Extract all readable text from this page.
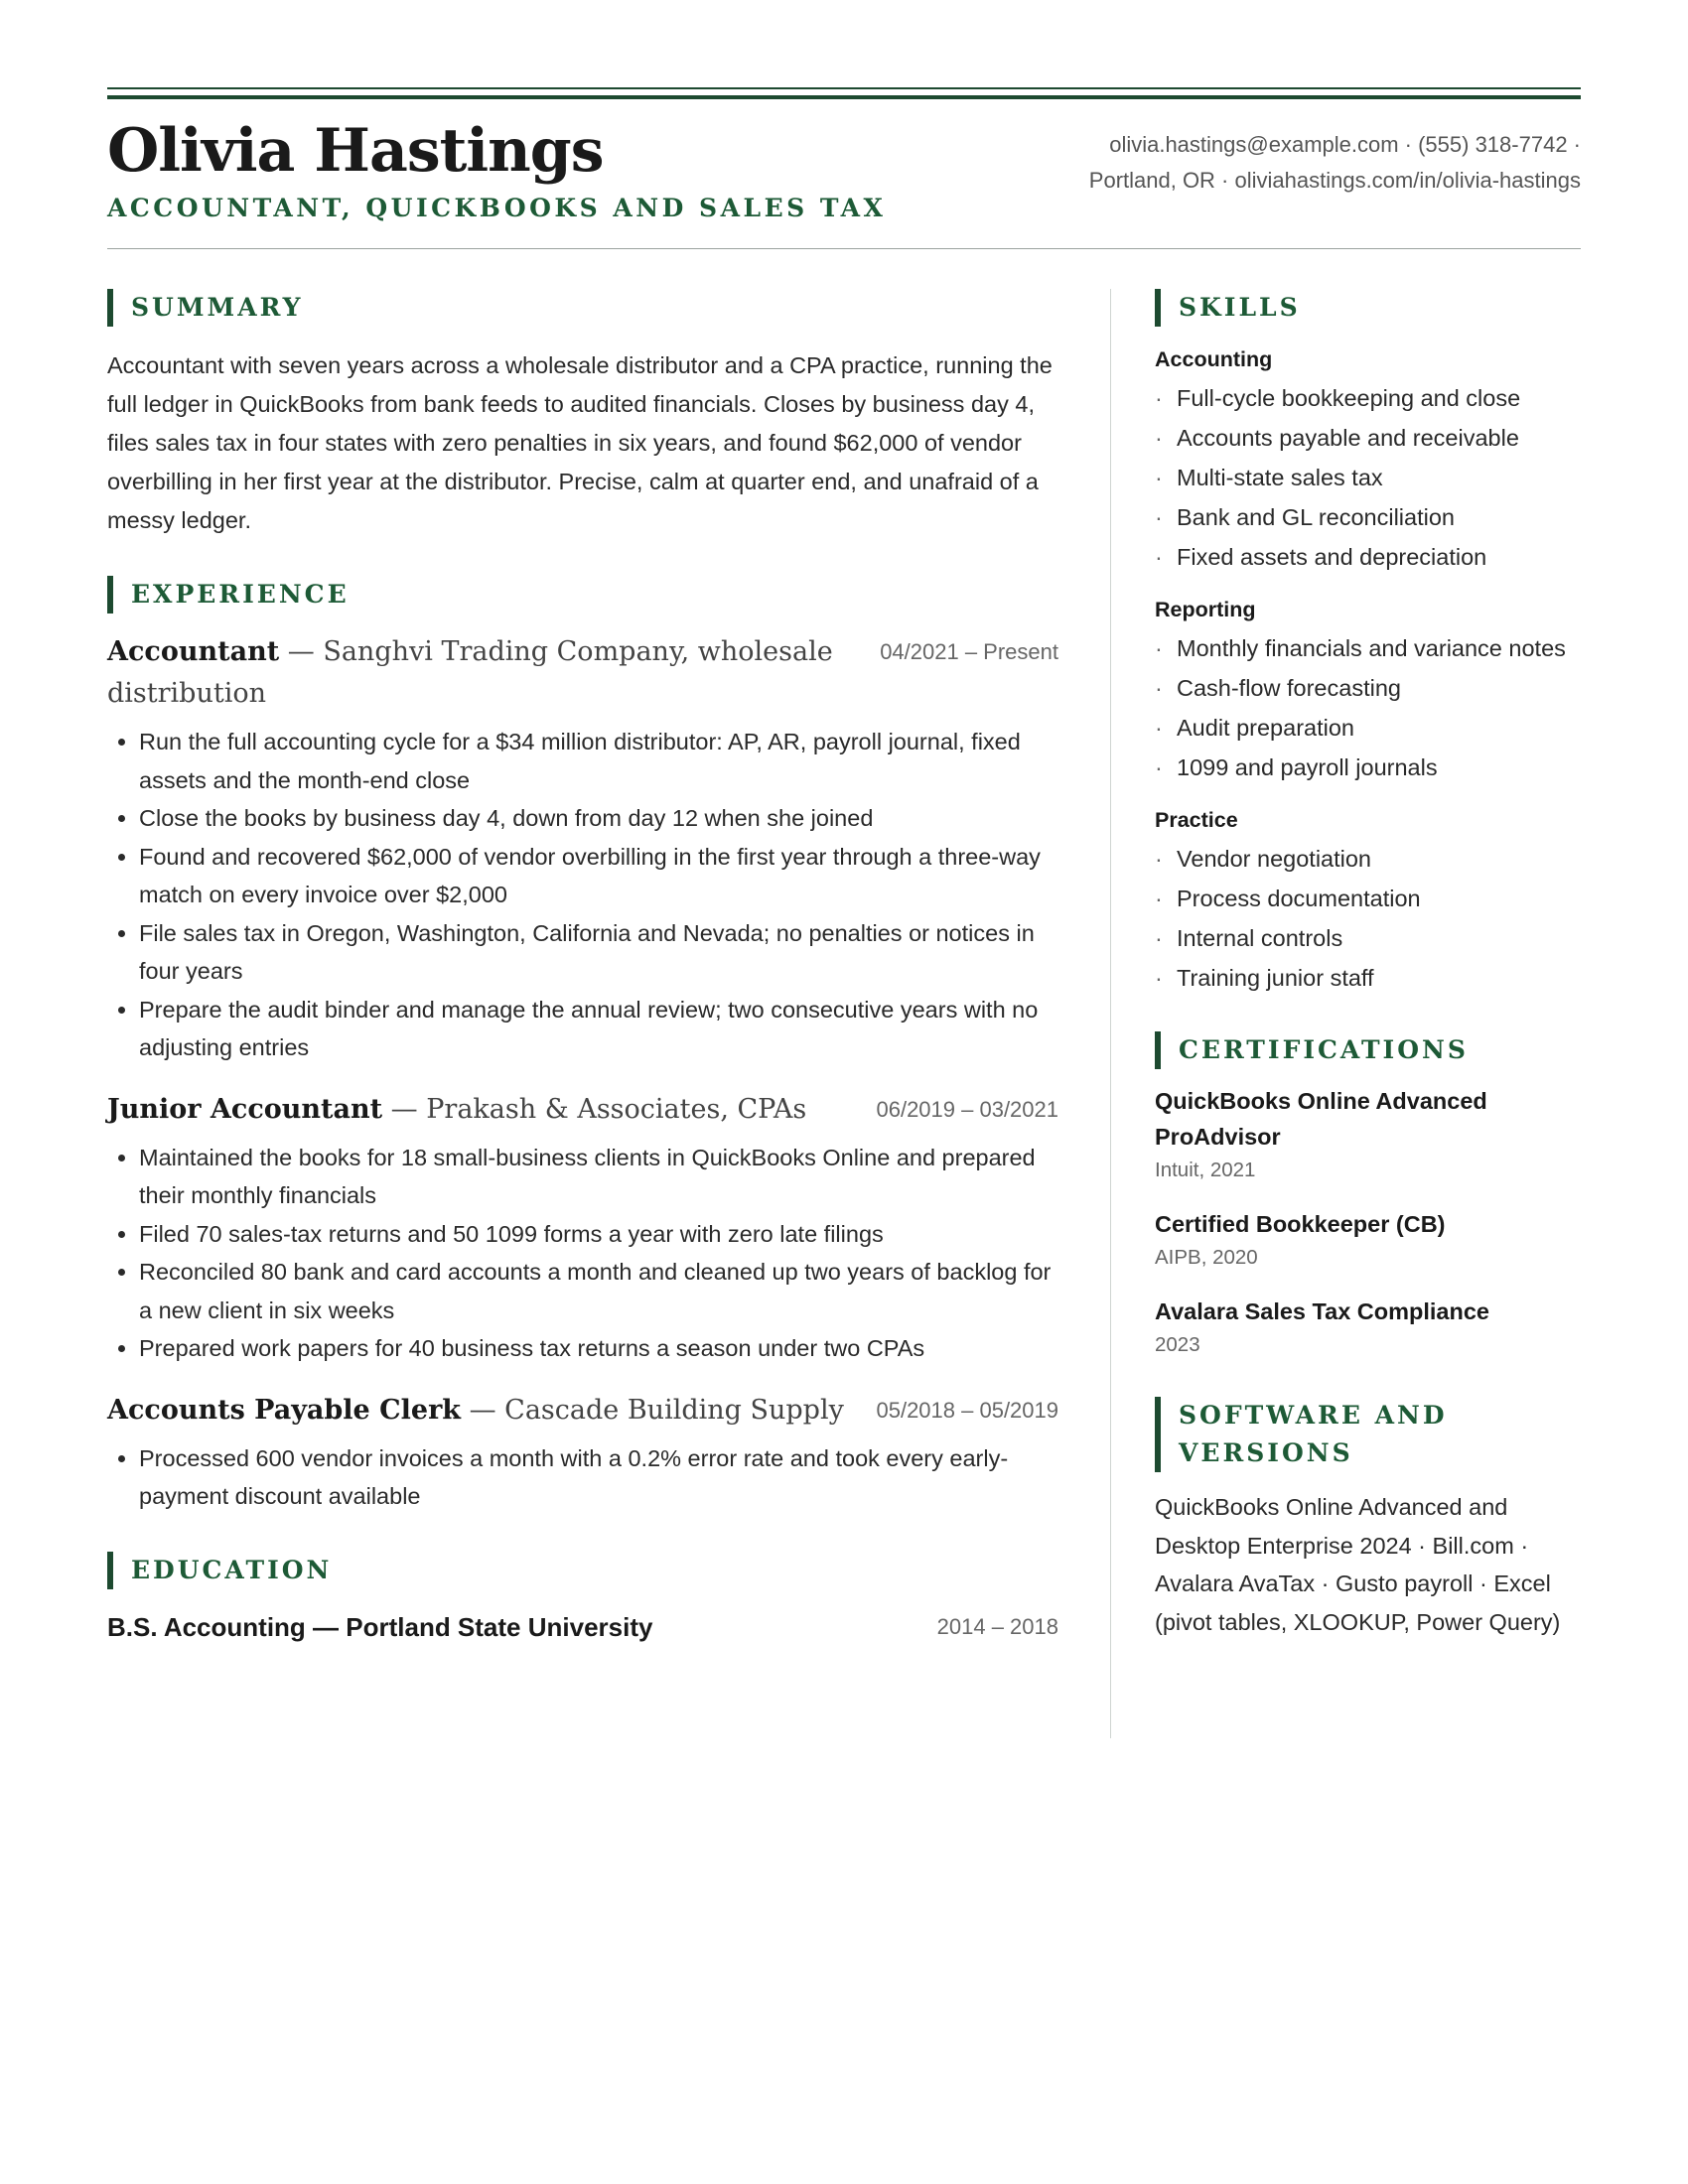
Olivia Hastings
ACCOUNTANT, QUICKBOOKS AND SALES TAX
olivia.hastings@example.com · (555) 318-7742 · Portland, OR · oliviahastings.com/in/olivia-hastings
SUMMARY
Accountant with seven years across a wholesale distributor and a CPA practice, running the full ledger in QuickBooks from bank feeds to audited financials. Closes by business day 4, files sales tax in four states with zero penalties in six years, and found $62,000 of vendor overbilling in her first year at the distributor. Precise, calm at quarter end, and unafraid of a messy ledger.
EXPERIENCE
Accountant — Sanghvi Trading Company, wholesale distribution
04/2021 – Present
• Run the full accounting cycle for a $34 million distributor: AP, AR, payroll journal, fixed assets and the month-end close
• Close the books by business day 4, down from day 12 when she joined
• Found and recovered $62,000 of vendor overbilling in the first year through a three-way match on every invoice over $2,000
• File sales tax in Oregon, Washington, California and Nevada; no penalties or notices in four years
• Prepare the audit binder and manage the annual review; two consecutive years with no adjusting entries
Junior Accountant — Prakash & Associates, CPAs	06/2019 – 03/2021
• Maintained the books for 18 small-business clients in QuickBooks Online and prepared their monthly financials
• Filed 70 sales-tax returns and 50 1099 forms a year with zero late filings
• Reconciled 80 bank and card accounts a month and cleaned up two years of backlog for a new client in six weeks
• Prepared work papers for 40 business tax returns a season under two CPAs
Accounts Payable Clerk — Cascade Building Supply	05/2018 – 05/2019
• Processed 600 vendor invoices a month with a 0.2% error rate and took every early-payment discount available
EDUCATION
B.S. Accounting — Portland State University	2014 – 2018
SKILLS
Accounting
· Full-cycle bookkeeping and close
· Accounts payable and receivable
· Multi-state sales tax
· Bank and GL reconciliation
· Fixed assets and depreciation
Reporting
· Monthly financials and variance notes
· Cash-flow forecasting
· Audit preparation
· 1099 and payroll journals
Practice
· Vendor negotiation
· Process documentation
· Internal controls
· Training junior staff
CERTIFICATIONS
QuickBooks Online Advanced ProAdvisor
Intuit, 2021
Certified Bookkeeper (CB)
AIPB, 2020
Avalara Sales Tax Compliance
2023
SOFTWARE AND VERSIONS
QuickBooks Online Advanced and Desktop Enterprise 2024 · Bill.com · Avalara AvaTax · Gusto payroll · Excel (pivot tables, XLOOKUP, Power Query)
